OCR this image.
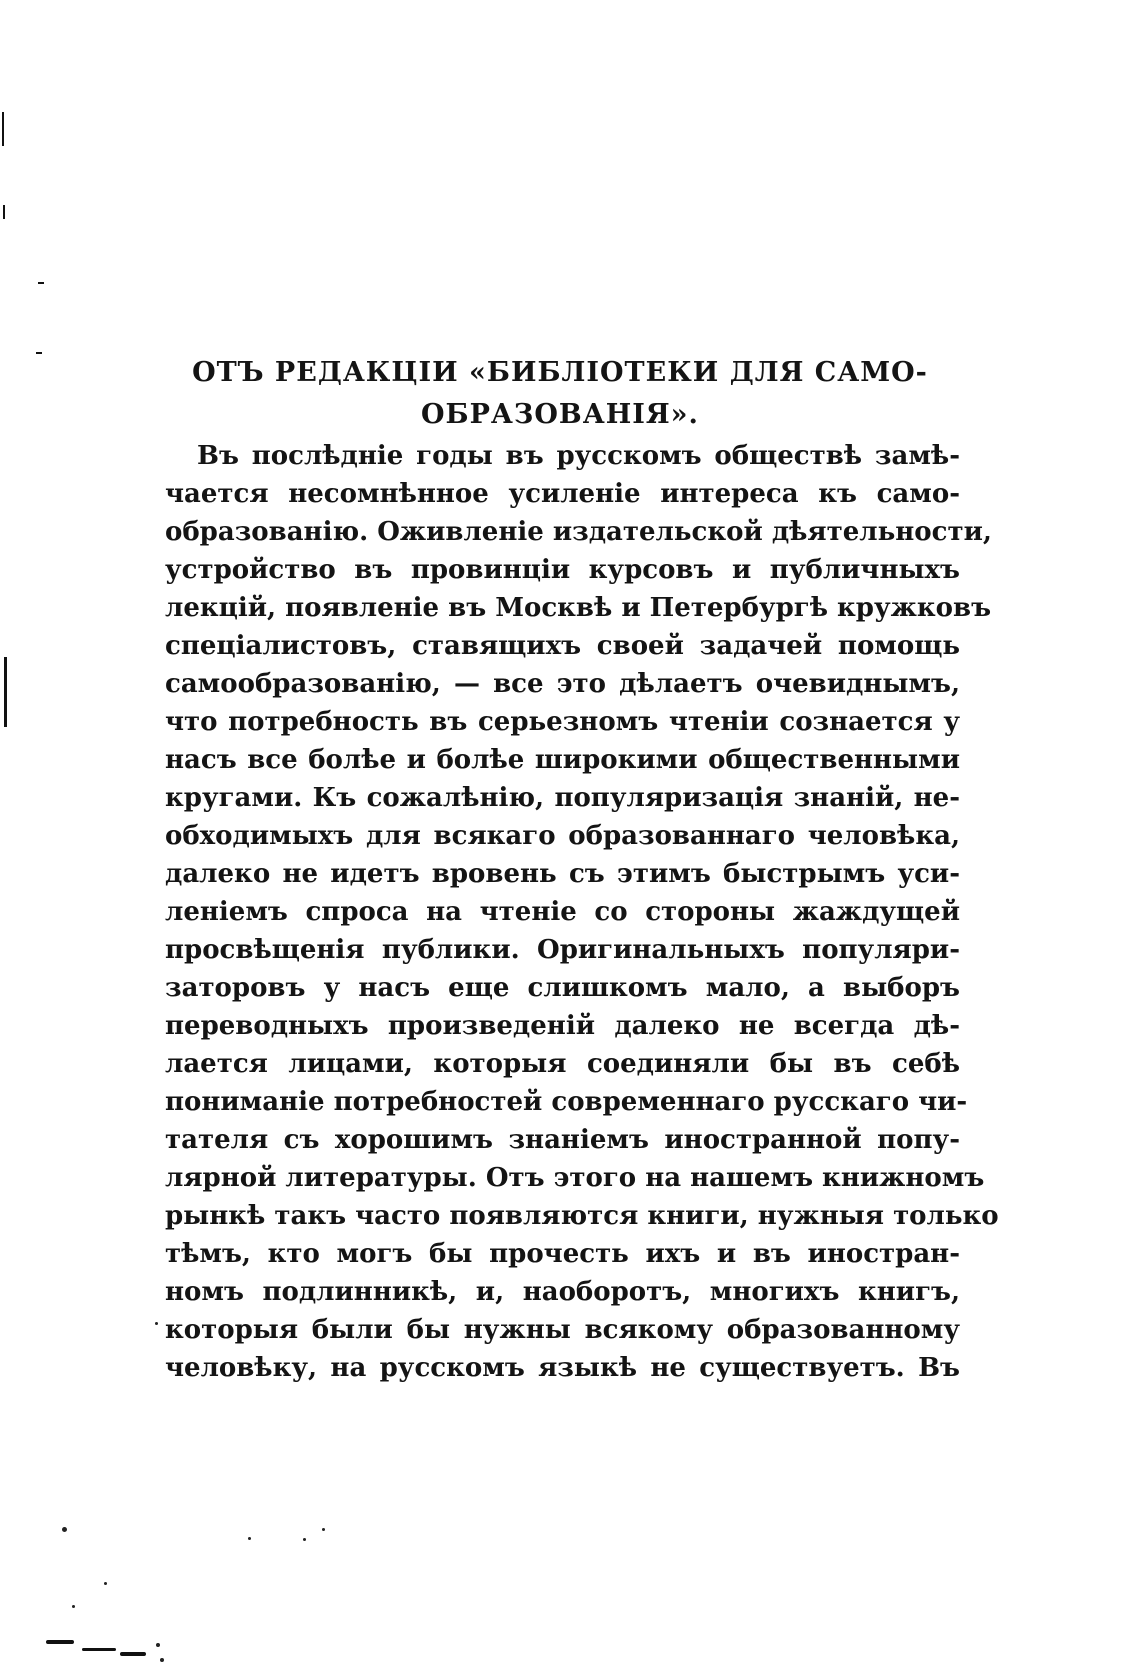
ОТЪ РЕДАКЦІИ «БИБЛІОТЕКИ ДЛЯ САМО-
ОБРАЗОВАНІЯ».
Въ послѣдніе годы въ русскомъ обществѣ замѣ-
чается несомнѣнное усиленіе интереса къ само-
образованію. Оживленіе издательской дѣятельности,
устройство въ провинціи курсовъ и публичныхъ
лекцій, появленіе въ Москвѣ и Петербургѣ кружковъ
спеціалистовъ, ставящихъ своей задачей помощь
самообразованію, — все это дѣлаетъ очевиднымъ,
что потребность въ серьезномъ чтеніи сознается у
насъ все болѣе и болѣе широкими общественными
кругами. Къ сожалѣнію, популяризація знаній, не-
обходимыхъ для всякаго образованнаго человѣка,
далеко не идетъ вровень съ этимъ быстрымъ уси-
леніемъ спроса на чтеніе со стороны жаждущей
просвѣщенія публики. Оригинальныхъ популяри-
заторовъ у насъ еще слишкомъ мало, а выборъ
переводныхъ произведеній далеко не всегда дѣ-
лается лицами, которыя соединяли бы въ себѣ
пониманіе потребностей современнаго русскаго чи-
тателя съ хорошимъ знаніемъ иностранной попу-
лярной литературы. Отъ этого на нашемъ книжномъ
рынкѣ такъ часто появляются книги, нужныя только
тѣмъ, кто могъ бы прочесть ихъ и въ иностран-
номъ подлинникѣ, и, наоборотъ, многихъ книгъ,
которыя были бы нужны всякому образованному
человѣку, на русскомъ языкѣ не существуетъ. Въ
